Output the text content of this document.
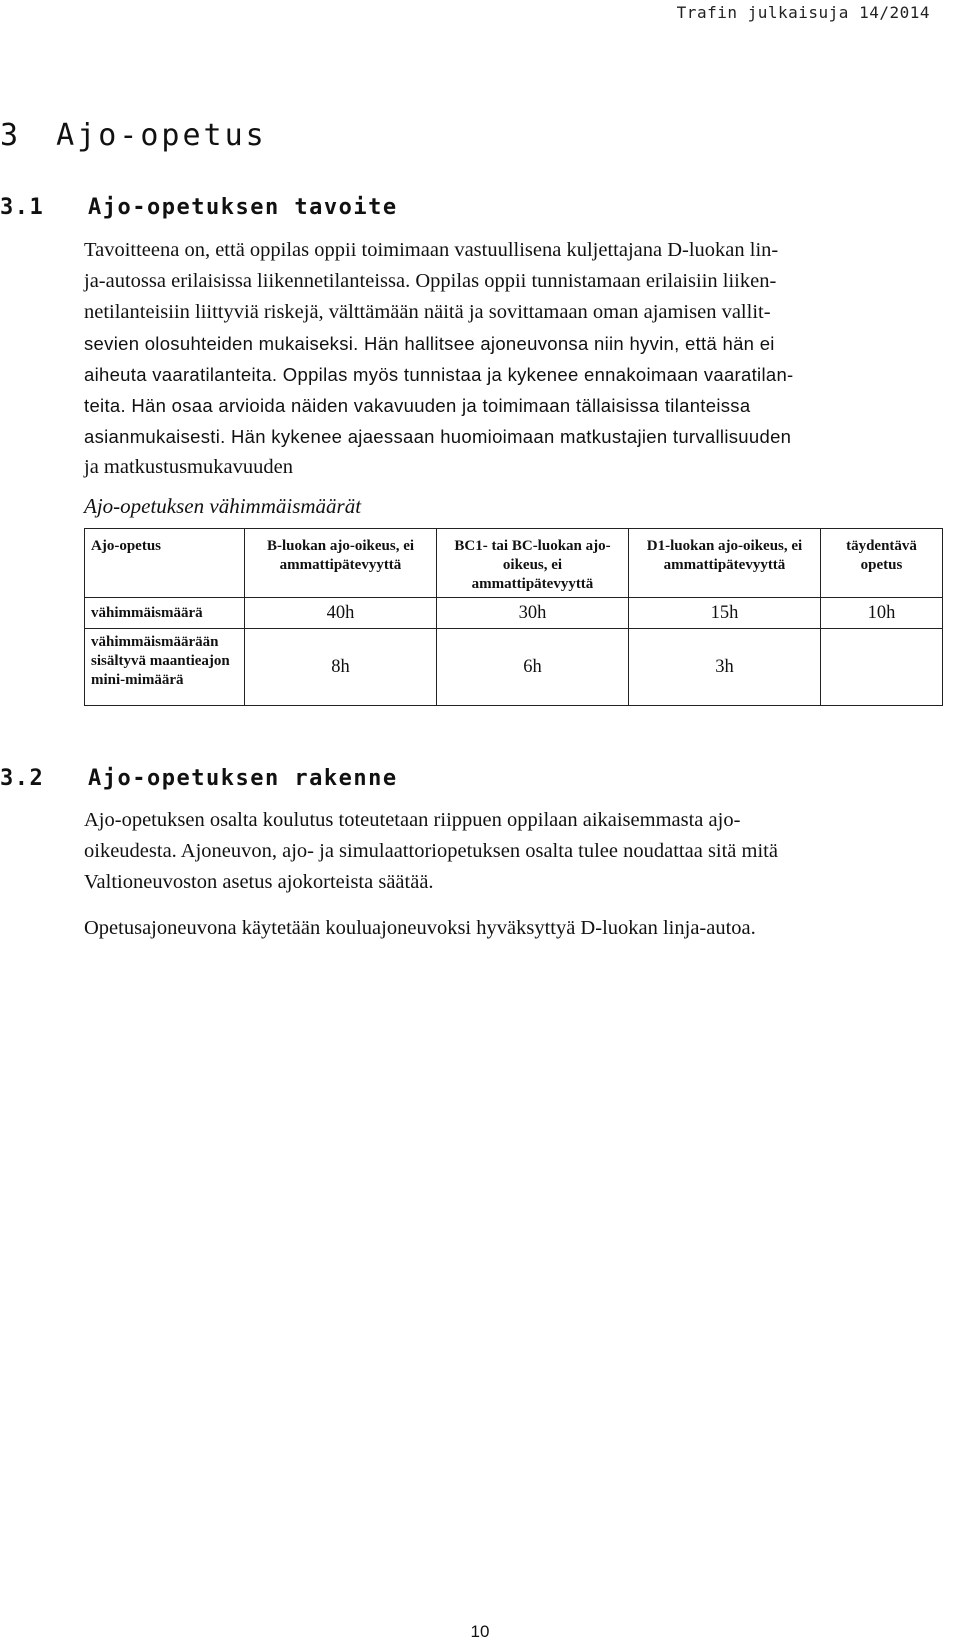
Trafin julkaisuja 14/2014
3 Ajo-opetus
3.1 Ajo-opetuksen tavoite
Tavoitteena on, että oppilas oppii toimimaan vastuullisena kuljettajana D-luokan lin-
ja-autossa erilaisissa liikennetilanteissa. Oppilas oppii tunnistamaan erilaisiin liiken-
netilanteisiin liittyviä riskejä, välttämään näitä ja sovittamaan oman ajamisen vallit-
sevien olosuhteiden mukaiseksi. Hän hallitsee ajoneuvonsa niin hyvin, että hän ei
aiheuta vaaratilanteita. Oppilas myös tunnistaa ja kykenee ennakoimaan vaaratilan-
teita. Hän osaa arvioida näiden vakavuuden ja toimimaan tällaisissa tilanteissa
asianmukaisesti. Hän kykenee ajaessaan huomioimaan matkustajien turvallisuuden
ja matkustusmukavuuden
Ajo-opetuksen vähimmäismäärät
Ajo-opetus	B-luokan ajo-oikeus, ei ammattipätevyyttä	BC1- tai BC-luokan ajo-oikeus, ei ammattipätevyyttä	D1-luokan ajo-oikeus, ei ammattipätevyyttä	täydentävä opetus
vähimmäismäärä	40h	30h	15h	10h
vähimmäismäärään sisältyvä maantieajon mini-mimäärä	8h	6h	3h	
3.2 Ajo-opetuksen rakenne
Ajo-opetuksen osalta koulutus toteutetaan riippuen oppilaan aikaisemmasta ajo-
oikeudesta. Ajoneuvon, ajo- ja simulaattoriopetuksen osalta tulee noudattaa sitä mitä
Valtioneuvoston asetus ajokorteista säätää.
Opetusajoneuvona käytetään kouluajoneuvoksi hyväksyttyä D-luokan linja-autoa.
10
